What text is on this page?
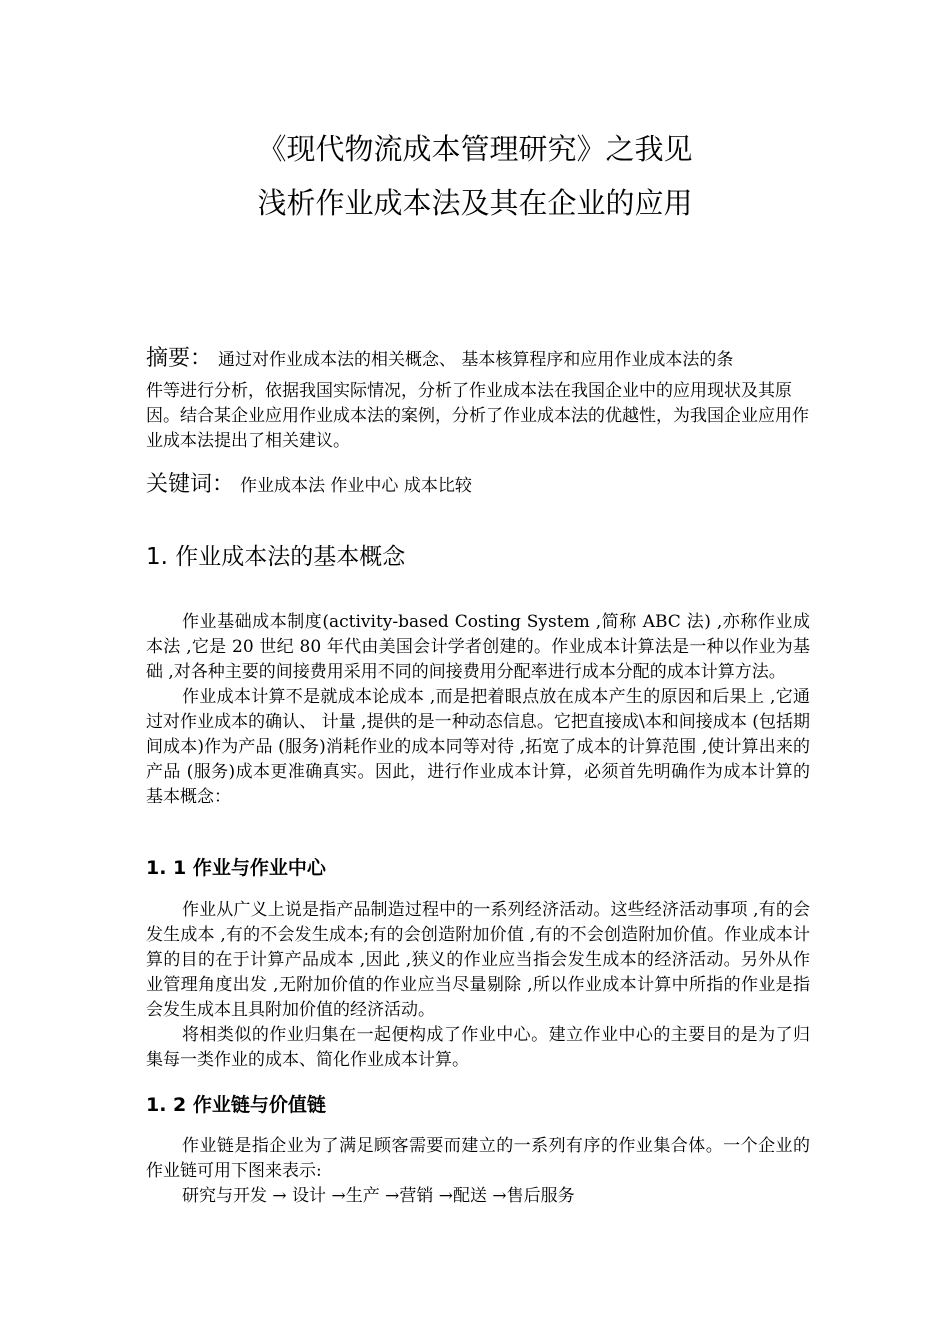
《现代物流成本管理研究》之我见
浅析作业成本法及其在企业的应用
摘要： 通过对作业成本法的相关概念、 基本核算程序和应用作业成本法的条
件等进行分析，依据我国实际情况，分析了作业成本法在我国企业中的应用现状及其原因。结合某企业应用作业成本法的案例，分析了作业成本法的优越性，为我国企业应用作业成本法提出了相关建议。
关键词： 作业成本法 作业中心 成本比较
1. 作业成本法的基本概念

作业基础成本制度(activity-based Costing System ,简称 ABC 法) ,亦称作业成本法 ,它是 20 世纪 80 年代由美国会计学者创建的。作业成本计算法是一种以作业为基础 ,对各种主要的间接费用采用不同的间接费用分配率进行成本分配的成本计算方法。

作业成本计算不是就成本论成本 ,而是把着眼点放在成本产生的原因和后果上 ,它通过对作业成本的确认、 计量 ,提供的是一种动态信息。它把直接成\本和间接成本 (包括期间成本)作为产品 (服务)消耗作业的成本同等对待 ,拓宽了成本的计算范围 ,使计算出来的产品 (服务)成本更准确真实。因此，进行作业成本计算，必须首先明确作为成本计算的基本概念：

1. 1 作业与作业中心

作业从广义上说是指产品制造过程中的一系列经济活动。这些经济活动事项 ,有的会发生成本 ,有的不会发生成本;有的会创造附加价值 ,有的不会创造附加价值。作业成本计算的目的在于计算产品成本 ,因此 ,狭义的作业应当指会发生成本的经济活动。另外从作业管理角度出发 ,无附加价值的作业应当尽量剔除 ,所以作业成本计算中所指的作业是指会发生成本且具附加价值的经济活动。

将相类似的作业归集在一起便构成了作业中心。建立作业中心的主要目的是为了归集每一类作业的成本、简化作业成本计算。

1. 2 作业链与价值链

作业链是指企业为了满足顾客需要而建立的一系列有序的作业集合体。一个企业的作业链可用下图来表示:

研究与开发 → 设计 →生产 →营销 →配送 →售后服务
